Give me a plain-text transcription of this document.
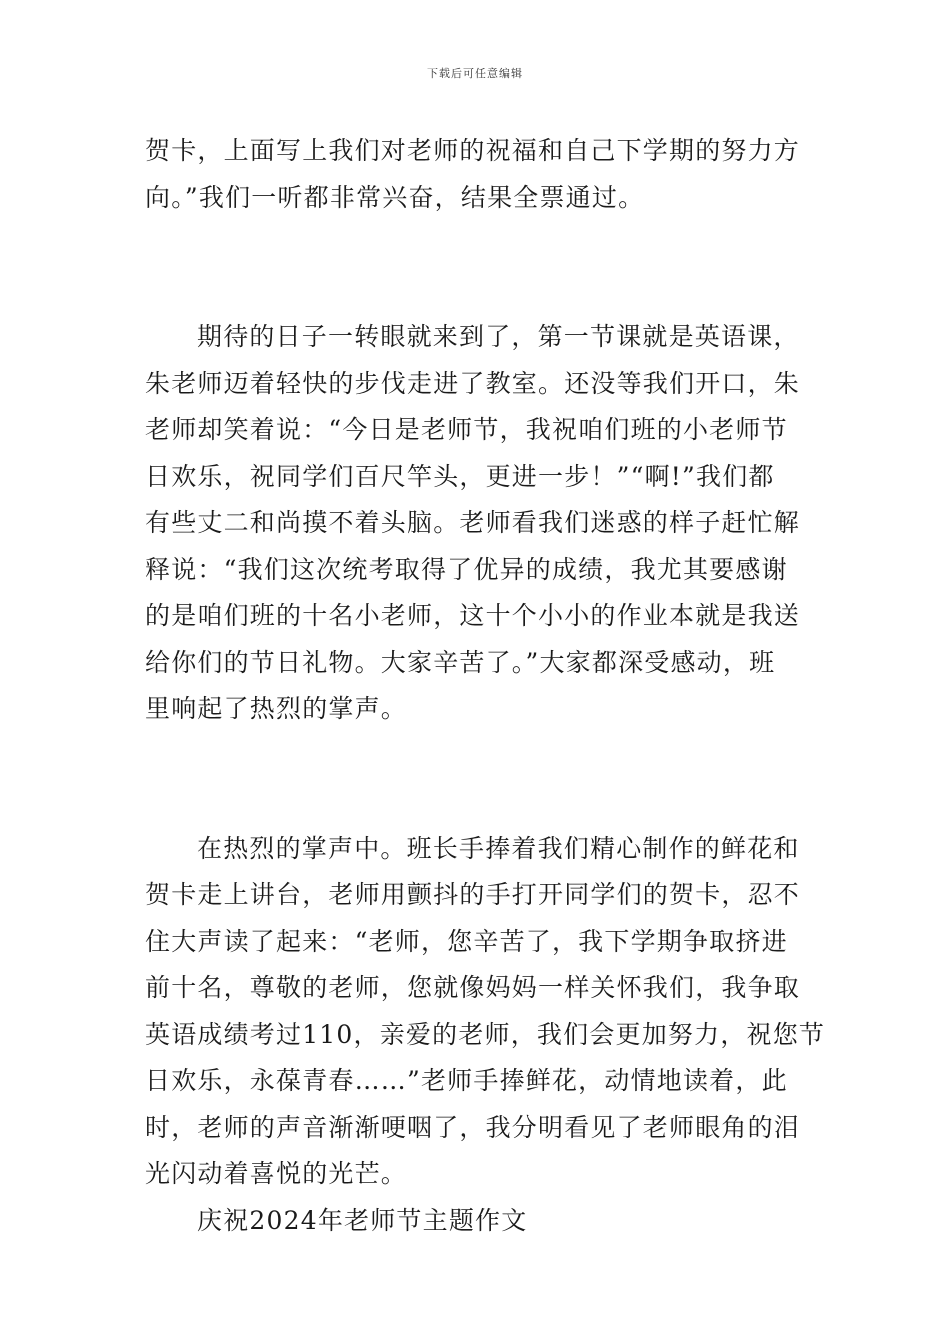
下载后可任意编辑
贺卡，上面写上我们对老师的祝福和自己下学期的努力方
向。”我们一听都非常兴奋，结果全票通过。
期待的日子一转眼就来到了，第一节课就是英语课，
朱老师迈着轻快的步伐走进了教室。还没等我们开口，朱
老师却笑着说：“今日是老师节，我祝咱们班的小老师节
日欢乐，祝同学们百尺竿头，更进一步！”“啊!”我们都
有些丈二和尚摸不着头脑。老师看我们迷惑的样子赶忙解
释说：“我们这次统考取得了优异的成绩，我尤其要感谢
的是咱们班的十名小老师，这十个小小的作业本就是我送
给你们的节日礼物。大家辛苦了。”大家都深受感动，班
里响起了热烈的掌声。
在热烈的掌声中。班长手捧着我们精心制作的鲜花和
贺卡走上讲台，老师用颤抖的手打开同学们的贺卡，忍不
住大声读了起来：“老师，您辛苦了，我下学期争取挤进
前十名，尊敬的老师，您就像妈妈一样关怀我们，我争取
英语成绩考过110，亲爱的老师，我们会更加努力，祝您节
日欢乐，永葆青春……”老师手捧鲜花，动情地读着，此
时，老师的声音渐渐哽咽了，我分明看见了老师眼角的泪
光闪动着喜悦的光芒。
庆祝2024年老师节主题作文
